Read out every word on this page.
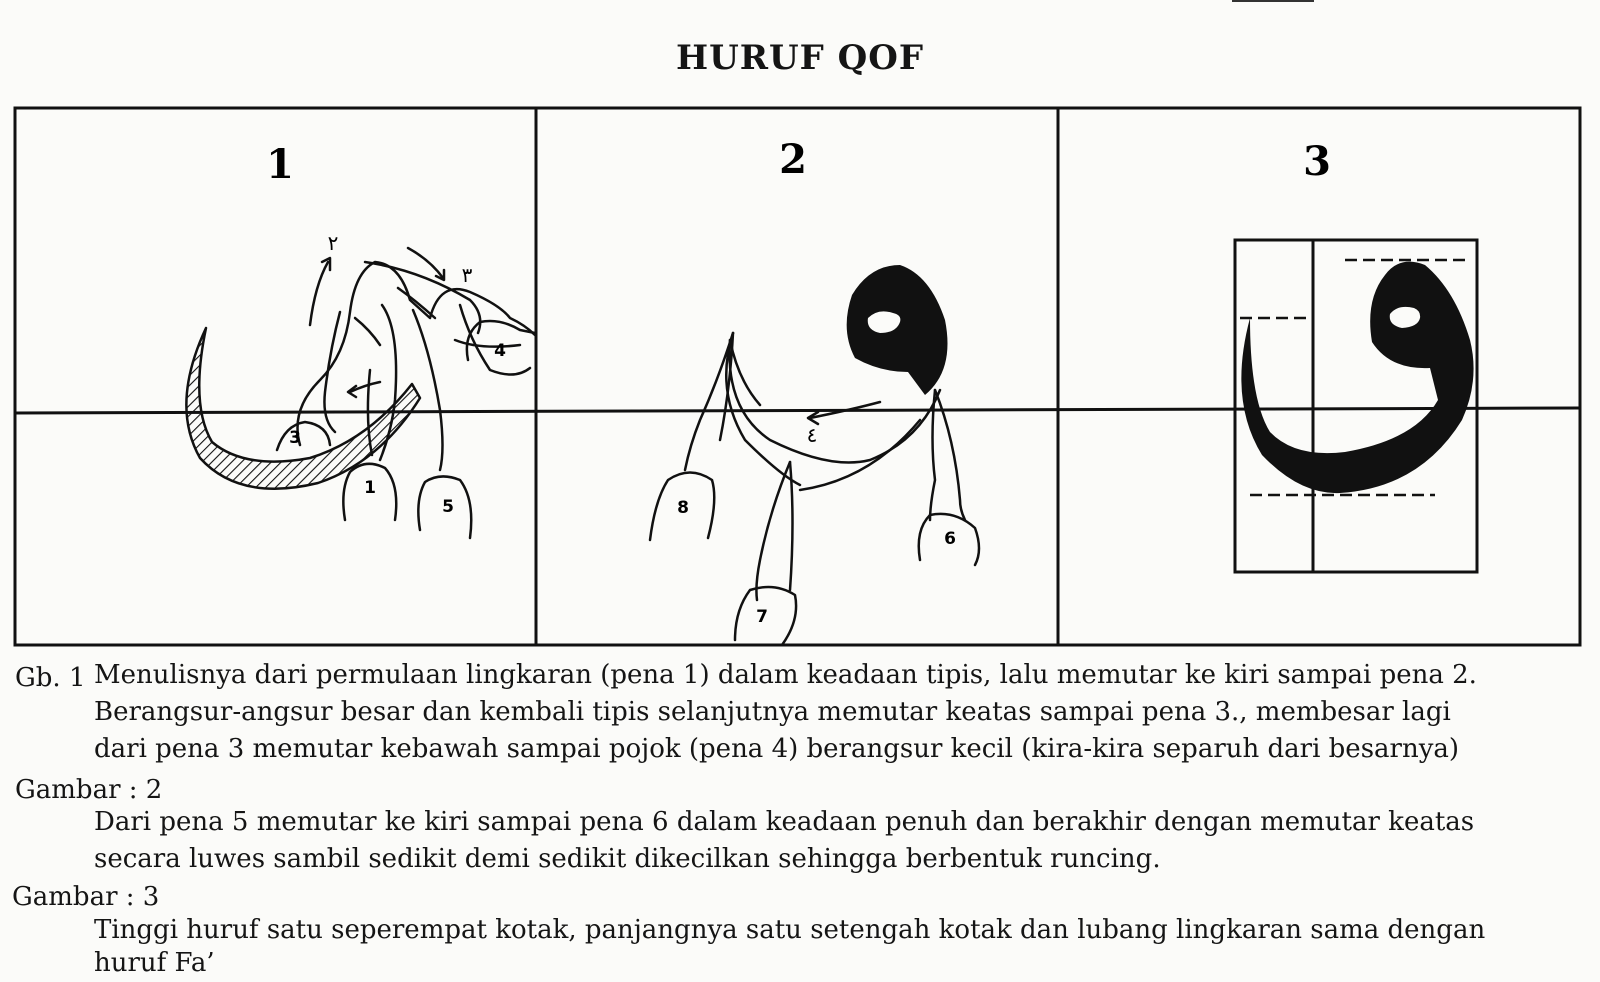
HURUF QOF
1	2	3
1
3
4
5
٢
٣
6
7
8
٤
Gb. 1 Menulisnya dari permulaan lingkaran (pena 1) dalam keadaan tipis, lalu memutar ke kiri sampai pena 2.
Berangsur-angsur besar dan kembali tipis selanjutnya memutar keatas sampai pena 3., membesar lagi
dari pena 3 memutar kebawah sampai pojok (pena 4) berangsur kecil (kira-kira separuh dari besarnya)
Gambar : 2
Dari pena 5 memutar ke kiri sampai pena 6 dalam keadaan penuh dan berakhir dengan memutar keatas
secara luwes sambil sedikit demi sedikit dikecilkan sehingga berbentuk runcing.
Gambar : 3
Tinggi huruf satu seperempat kotak, panjangnya satu setengah kotak dan lubang lingkaran sama dengan
huruf Fa’
